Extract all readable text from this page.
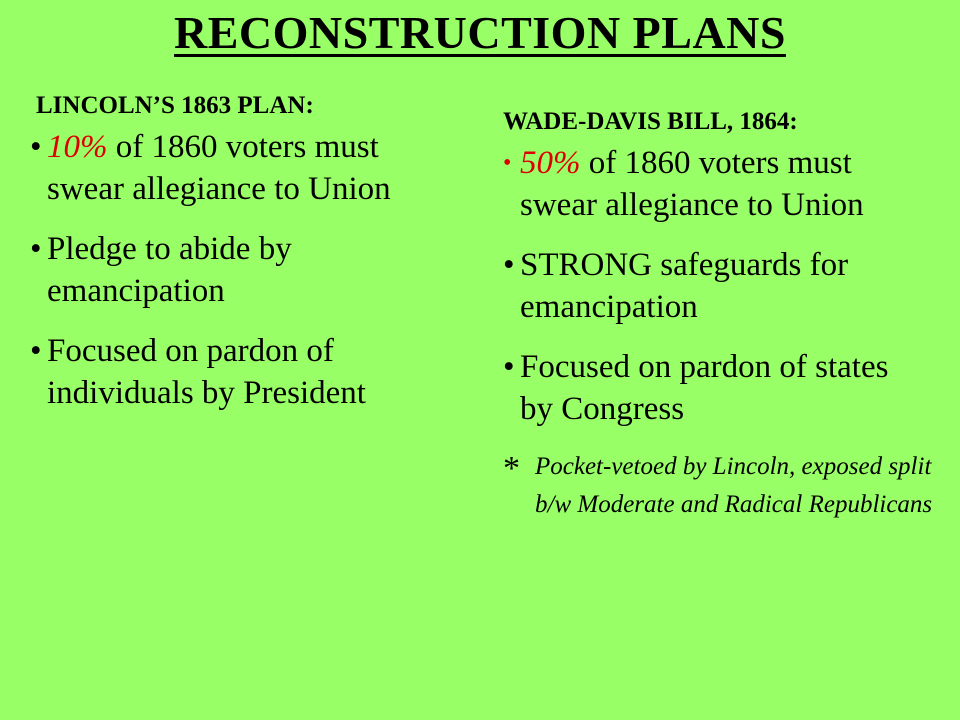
RECONSTRUCTION PLANS
LINCOLN’S 1863 PLAN:
• 10% of 1860 voters must swear allegiance to Union
• Pledge to abide by emancipation
• Focused on pardon of individuals by President
WADE-DAVIS BILL, 1864:
• 50% of 1860 voters must swear allegiance to Union
• STRONG safeguards for emancipation
• Focused on pardon of states by Congress
* Pocket-vetoed by Lincoln, exposed split b/w Moderate and Radical Republicans
